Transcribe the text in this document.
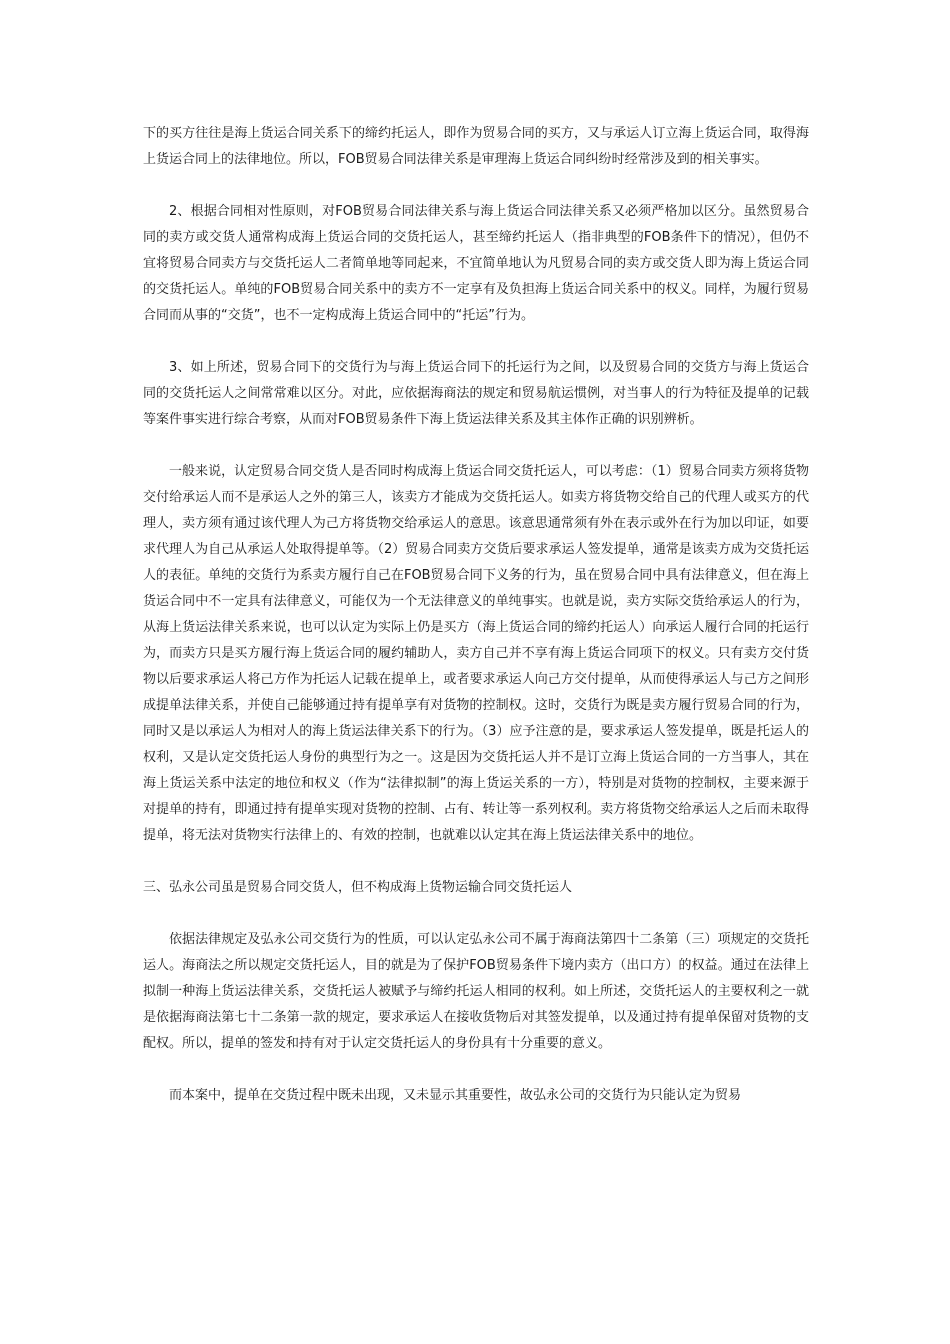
下的买方往往是海上货运合同关系下的缔约托运人，即作为贸易合同的买方，又与承运人订立海上货运合同，取得海上货运合同上的法律地位。所以，FOB贸易合同法律关系是审理海上货运合同纠纷时经常涉及到的相关事实。

2、根据合同相对性原则，对FOB贸易合同法律关系与海上货运合同法律关系又必须严格加以区分。虽然贸易合同的卖方或交货人通常构成海上货运合同的交货托运人，甚至缔约托运人（指非典型的FOB条件下的情况），但仍不宜将贸易合同卖方与交货托运人二者简单地等同起来，不宜简单地认为凡贸易合同的卖方或交货人即为海上货运合同的交货托运人。单纯的FOB贸易合同关系中的卖方不一定享有及负担海上货运合同关系中的权义。同样，为履行贸易合同而从事的“交货”，也不一定构成海上货运合同中的“托运”行为。

3、如上所述，贸易合同下的交货行为与海上货运合同下的托运行为之间，以及贸易合同的交货方与海上货运合同的交货托运人之间常常难以区分。对此，应依据海商法的规定和贸易航运惯例，对当事人的行为特征及提单的记载等案件事实进行综合考察，从而对FOB贸易条件下海上货运法律关系及其主体作正确的识别辨析。

一般来说，认定贸易合同交货人是否同时构成海上货运合同交货托运人，可以考虑：（1）贸易合同卖方须将货物交付给承运人而不是承运人之外的第三人，该卖方才能成为交货托运人。如卖方将货物交给自己的代理人或买方的代理人，卖方须有通过该代理人为己方将货物交给承运人的意思。该意思通常须有外在表示或外在行为加以印证，如要求代理人为自己从承运人处取得提单等。（2）贸易合同卖方交货后要求承运人签发提单，通常是该卖方成为交货托运人的表征。单纯的交货行为系卖方履行自己在FOB贸易合同下义务的行为，虽在贸易合同中具有法律意义，但在海上货运合同中不一定具有法律意义，可能仅为一个无法律意义的单纯事实。也就是说，卖方实际交货给承运人的行为，从海上货运法律关系来说，也可以认定为实际上仍是买方（海上货运合同的缔约托运人）向承运人履行合同的托运行为，而卖方只是买方履行海上货运合同的履约辅助人，卖方自己并不享有海上货运合同项下的权义。只有卖方交付货物以后要求承运人将己方作为托运人记载在提单上，或者要求承运人向己方交付提单，从而使得承运人与己方之间形成提单法律关系，并使自己能够通过持有提单享有对货物的控制权。这时，交货行为既是卖方履行贸易合同的行为，同时又是以承运人为相对人的海上货运法律关系下的行为。（3）应予注意的是，要求承运人签发提单，既是托运人的权利，又是认定交货托运人身份的典型行为之一。这是因为交货托运人并不是订立海上货运合同的一方当事人，其在海上货运关系中法定的地位和权义（作为“法律拟制”的海上货运关系的一方），特别是对货物的控制权，主要来源于对提单的持有，即通过持有提单实现对货物的控制、占有、转让等一系列权利。卖方将货物交给承运人之后而未取得提单，将无法对货物实行法律上的、有效的控制，也就难以认定其在海上货运法律关系中的地位。

三、弘永公司虽是贸易合同交货人，但不构成海上货物运输合同交货托运人

依据法律规定及弘永公司交货行为的性质，可以认定弘永公司不属于海商法第四十二条第（三）项规定的交货托运人。海商法之所以规定交货托运人，目的就是为了保护FOB贸易条件下境内卖方（出口方）的权益。通过在法律上拟制一种海上货运法律关系，交货托运人被赋予与缔约托运人相同的权利。如上所述，交货托运人的主要权利之一就是依据海商法第七十二条第一款的规定，要求承运人在接收货物后对其签发提单，以及通过持有提单保留对货物的支配权。所以，提单的签发和持有对于认定交货托运人的身份具有十分重要的意义。

而本案中，提单在交货过程中既未出现，又未显示其重要性，故弘永公司的交货行为只能认定为贸易
